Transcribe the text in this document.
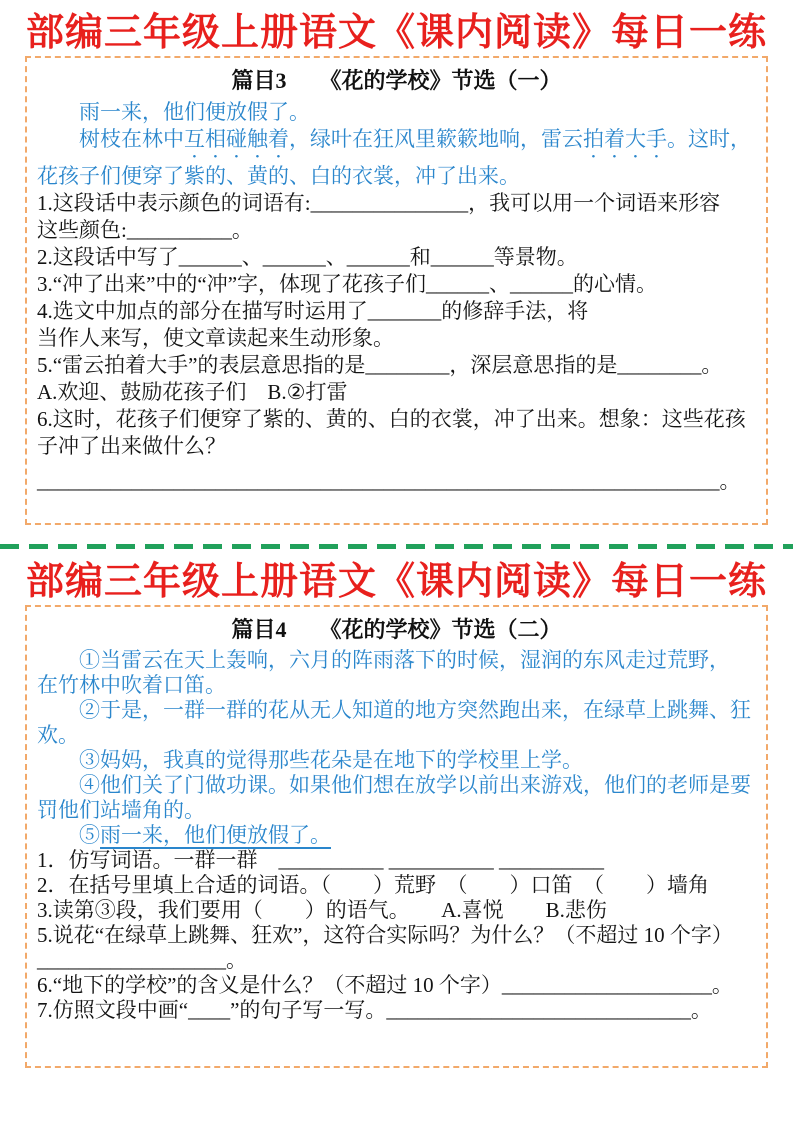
部编三年级上册语文《课内阅读》每日一练
篇目3　　《花的学校》节选（一）
雨一来，他们便放假了。
树枝在林中互相碰触着，绿叶在狂风里簌簌地响，雷云拍着大手。这时，
花孩子们便穿了紫的、黄的、白的衣裳，冲了出来。
1.这段话中表示颜色的词语有:_______________，我可以用一个词语来形容
这些颜色:__________。
2.这段话中写了______、______、______和______等景物。
3.“冲了出来”中的“冲”字，体现了花孩子们______、______的心情。
4.选文中加点的部分在描写时运用了_______的修辞手法，将
当作人来写，使文章读起来生动形象。
5.“雷云拍着大手”的表层意思指的是________，深层意思指的是________。
A.欢迎、鼓励花孩子们　B.②打雷
6.这时，花孩子们便穿了紫的、黄的、白的衣裳，冲了出来。想象：这些花孩
子冲了出来做什么？
_________________________________________________________________。
部编三年级上册语文《课内阅读》每日一练
篇目4　　《花的学校》节选（二）
①当雷云在天上轰响，六月的阵雨落下的时候，湿润的东风走过荒野，
在竹林中吹着口笛。
②于是，一群一群的花从无人知道的地方突然跑出来，在绿草上跳舞、狂
欢。
③妈妈，我真的觉得那些花朵是在地下的学校里上学。
④他们关了门做功课。如果他们想在放学以前出来游戏，他们的老师是要
罚他们站墙角的。
⑤雨一来，他们便放假了。
1．仿写词语。一群一群　__________ __________ __________
2．在括号里填上合适的词语。（　　）荒野　（　　）口笛　（　　）墙角
3.读第③段，我们要用（　　）的语气。　　A.喜悦　　B.悲伤
5.说花“在绿草上跳舞、狂欢”，这符合实际吗？为什么？（不超过 10 个字）
__________________。
6.“地下的学校”的含义是什么？（不超过 10 个字）____________________。
7.仿照文段中画“____”的句子写一写。_____________________________。
